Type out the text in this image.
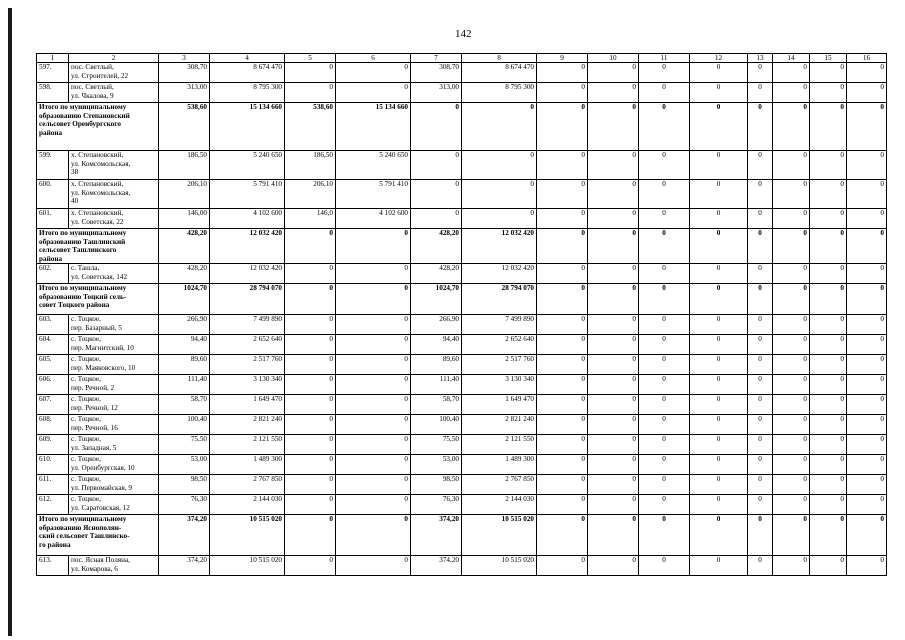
142
1	2	3	4	5	6	7	8	9	10	11	12	13	14	15	16
597.	пос. Светлый,
ул. Строителей, 22	308,70	8 674 470	0	0	308,70	8 674 470	0	0	0	0	0	0	0	0
598.	пос. Светлый,
ул. Чкалова, 9	313,00	8 795 300	0	0	313,00	8 795 300	0	0	0	0	0	0	0	0

Итого по муниципальному
образованию Степановский
сельсовет Оренбургского
района		538,60	15 134 660	538,60	15 134 660	0	0	0	0	0	0	0	0	0	0
599.	х. Степановский,
ул. Комсомольская,
38	186,50	5 240 650	186,50	5 240 650	0	0	0	0	0	0	0	0	0	0
600.	х. Степановский,
ул. Комсомольская,
40	206,10	5 791 410	206,10	5 791 410	0	0	0	0	0	0	0	0	0	0
601.	х. Степановский,
ул. Советская, 22	146,00	4 102 600	146,0	4 102 600	0	0	0	0	0	0	0	0	0	0

Итого по муниципальному
образованию Ташлинский
сельсовет Ташлинского
района		428,20	12 032 420	0	0	428,20	12 032 420	0	0	0	0	0	0	0	0
602.	с. Ташла,
ул. Советская, 142	428,20	12 032 420	0	0	428,20	12 032 420	0	0	0	0	0	0	0	0

Итого по муниципальному
образованию Тоцкий сель-
совет Тоцкого района		1024,70	28 794 070	0	0	1024,70	28 794 070	0	0	0	0	0	0	0	0
603.	с. Тоцкое,
пер. Базарный, 5	266,90	7 499 890	0	0	266,90	7 499 890	0	0	0	0	0	0	0	0
604.	с. Тоцкое,
пер. Магнитский, 10	94,40	2 652 640	0	0	94,40	2 652 640	0	0	0	0	0	0	0	0
605.	с. Тоцкое,
пер. Маяковского, 10	89,60	2 517 760	0	0	89,60	2 517 760	0	0	0	0	0	0	0	0
606.	с. Тоцкое,
пер. Речной, 2	111,40	3 130 340	0	0	111,40	3 130 340	0	0	0	0	0	0	0	0
607.	с. Тоцкое,
пер. Речной, 12	58,70	1 649 470	0	0	58,70	1 649 470	0	0	0	0	0	0	0	0
608.	с. Тоцкое,
пер. Речной, 16	100,40	2 821 240	0	0	100,40	2 821 240	0	0	0	0	0	0	0	0
609.	с. Тоцкое,
ул. Западная, 5	75,50	2 121 550	0	0	75,50	2 121 550	0	0	0	0	0	0	0	0
610.	с. Тоцкое,
ул. Оренбургская, 10	53,00	1 489 300	0	0	53,00	1 489 300	0	0	0	0	0	0	0	0
611.	с. Тоцкое,
ул. Первомайская, 9	98,50	2 767 850	0	0	98,50	2 767 850	0	0	0	0	0	0	0	0
612.	с. Тоцкое,
ул. Саратовская, 12	76,30	2 144 030	0	0	76,30	2 144 030	0	0	0	0	0	0	0	0

Итого по муниципальному
образованию Яснополян-
ский сельсовет Ташлинско-
го района		374,20	10 515 020	0	0	374,20	10 515 020	0	0	0	0	0	0	0	0
613.	пос. Ясная Поляна,
ул. Комарова, 6	374,20	10 515 020	0	0	374,20	10 515 020	0	0	0	0	0	0	0	0
